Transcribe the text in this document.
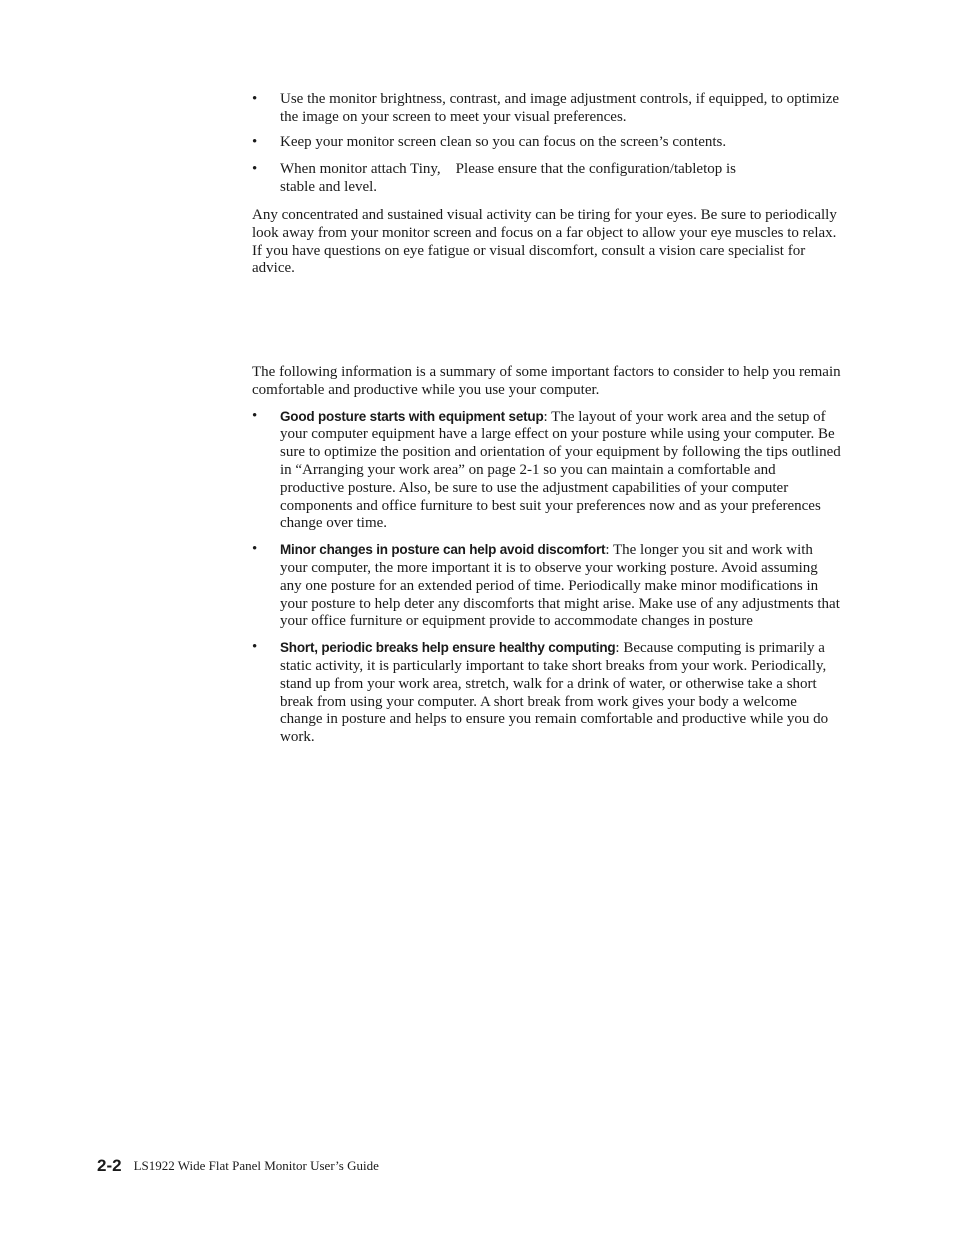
• Use the monitor brightness, contrast, and image adjustment controls, if equipped, to optimize the image on your screen to meet your visual preferences.
• Keep your monitor screen clean so you can focus on the screen’s contents.
• When monitor attach Tiny,    Please ensure that the configuration/tabletop is
stable and level.

Any concentrated and sustained visual activity can be tiring for your eyes. Be sure to periodically look away from your monitor screen and focus on a far object to allow your eye muscles to relax. If you have questions on eye fatigue or visual discomfort, consult a vision care specialist for advice.

The following information is a summary of some important factors to consider to help you remain comfortable and productive while you use your computer.

• Good posture starts with equipment setup: The layout of your work area and the setup of your computer equipment have a large effect on your posture while using your computer. Be sure to optimize the position and orientation of your equipment by following the tips outlined in “Arranging your work area” on page 2-1 so you can maintain a comfortable and productive posture. Also, be sure to use the adjustment capabilities of your computer components and office furniture to best suit your preferences now and as your preferences change over time.
• Minor changes in posture can help avoid discomfort: The longer you sit and work with your computer, the more important it is to observe your working posture. Avoid assuming any one posture for an extended period of time. Periodically make minor modifications in your posture to help deter any discomforts that might arise. Make use of any adjustments that your office furniture or equipment provide to accommodate changes in posture
• Short, periodic breaks help ensure healthy computing: Because computing is primarily a static activity, it is particularly important to take short breaks from your work. Periodically, stand up from your work area, stretch, walk for a drink of water, or otherwise take a short break from using your computer. A short break from work gives your body a welcome change in posture and helps to ensure you remain comfortable and productive while you do work.
2-2 LS1922 Wide Flat Panel Monitor User’s Guide
